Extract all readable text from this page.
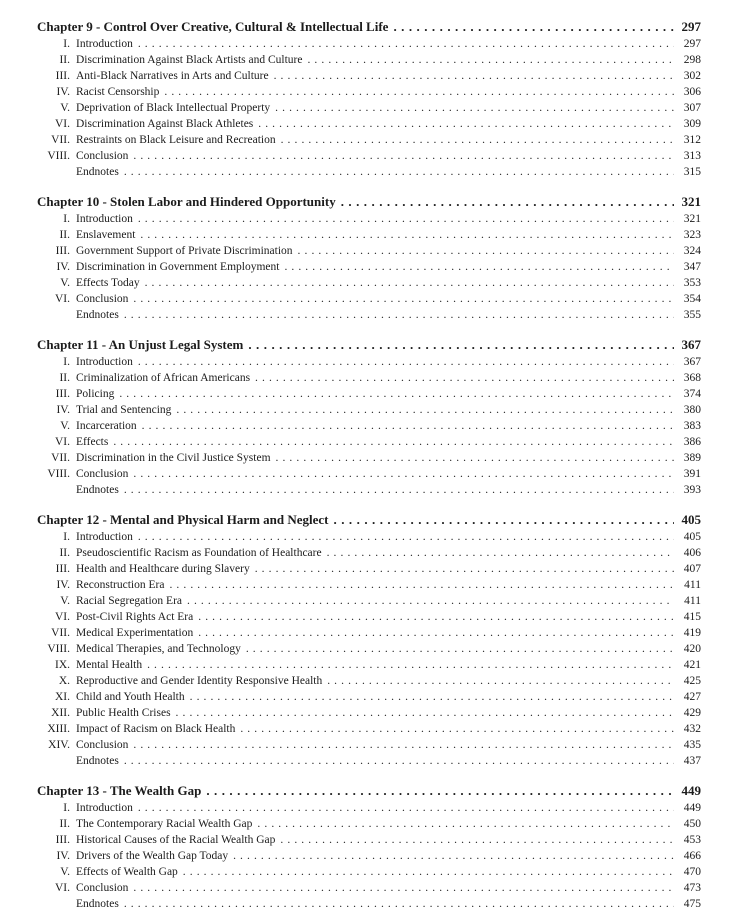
Chapter 9 - Control Over Creative, Cultural & Intellectual Life . . .	297
I. Introduction . . .	297
II. Discrimination Against Black Artists and Culture . . .	298
III. Anti-Black Narratives in Arts and Culture . . .	302
IV. Racist Censorship . . .	306
V. Deprivation of Black Intellectual Property . . .	307
VI. Discrimination Against Black Athletes . . .	309
VII. Restraints on Black Leisure and Recreation . . .	312
VIII. Conclusion . . .	313
Endnotes . . .	315
Chapter 10 - Stolen Labor and Hindered Opportunity . . .	321
I. Introduction . . .	321
II. Enslavement . . .	323
III. Government Support of Private Discrimination . . .	324
IV. Discrimination in Government Employment . . .	347
V. Effects Today . . .	353
VI. Conclusion . . .	354
Endnotes . . .	355
Chapter 11 - An Unjust Legal System . . .	367
I. Introduction . . .	367
II. Criminalization of African Americans . . .	368
III. Policing . . .	374
IV. Trial and Sentencing . . .	380
V. Incarceration . . .	383
VI. Effects . . .	386
VII. Discrimination in the Civil Justice System . . .	389
VIII. Conclusion . . .	391
Endnotes . . .	393
Chapter 12 - Mental and Physical Harm and Neglect . . .	405
I. Introduction . . .	405
II. Pseudoscientific Racism as Foundation of Healthcare . . .	406
III. Health and Healthcare during Slavery . . .	407
IV. Reconstruction Era . . .	411
V. Racial Segregation Era . . .	411
VI. Post-Civil Rights Act Era . . .	415
VII. Medical Experimentation . . .	419
VIII. Medical Therapies, and Technology . . .	420
IX. Mental Health . . .	421
X. Reproductive and Gender Identity Responsive Health . . .	425
XI. Child and Youth Health . . .	427
XII. Public Health Crises . . .	429
XIII. Impact of Racism on Black Health . . .	432
XIV. Conclusion . . .	435
Endnotes . . .	437
Chapter 13 - The Wealth Gap . . .	449
I. Introduction . . .	449
II. The Contemporary Racial Wealth Gap . . .	450
III. Historical Causes of the Racial Wealth Gap . . .	453
IV. Drivers of the Wealth Gap Today . . .	466
V. Effects of Wealth Gap . . .	470
VI. Conclusion . . .	473
Endnotes . . .	475
